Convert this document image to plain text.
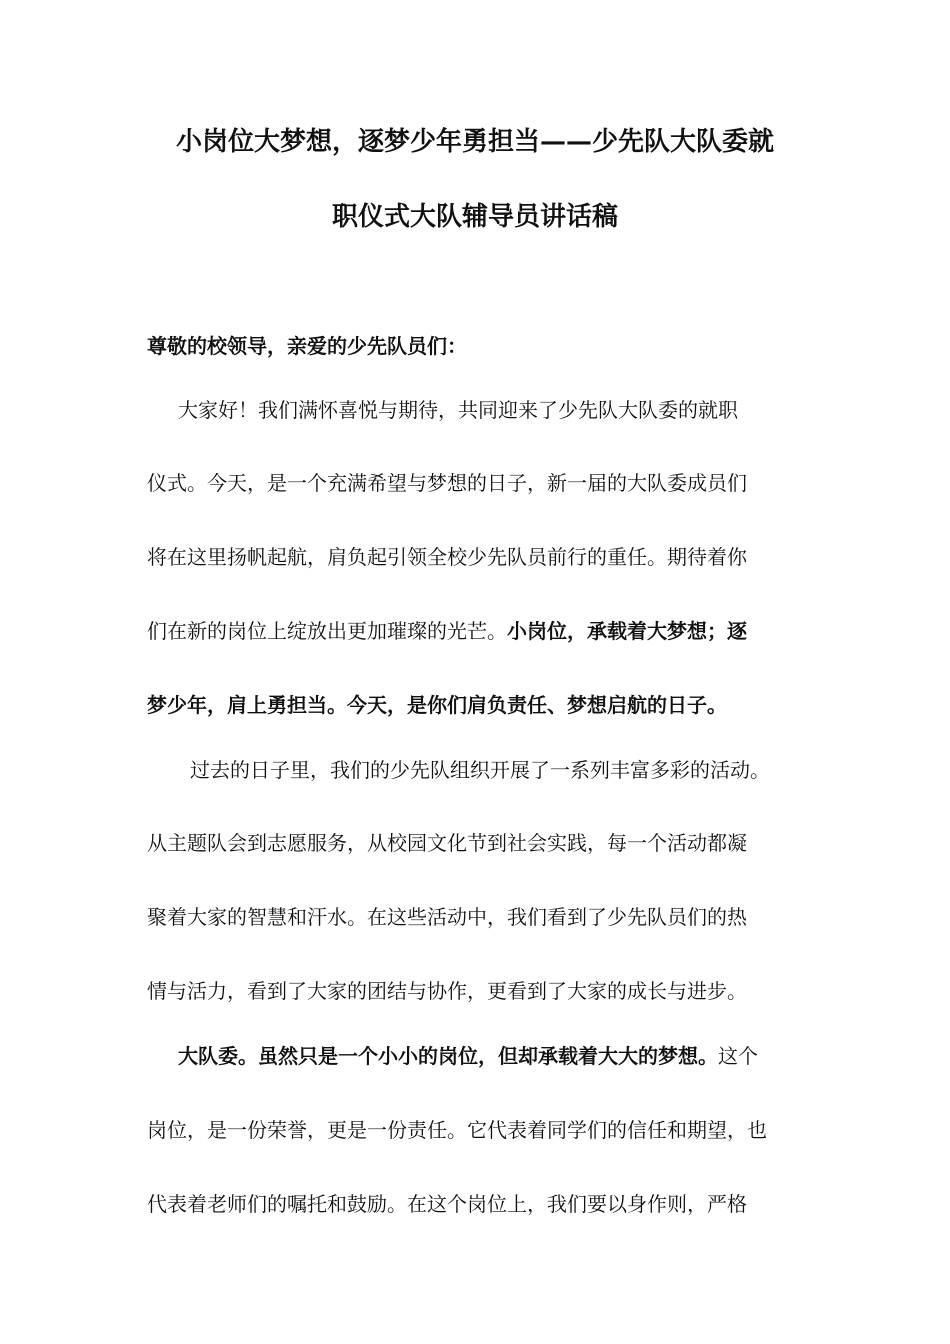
小岗位大梦想，逐梦少年勇担当——少先队大队委就
职仪式大队辅导员讲话稿
尊敬的校领导，亲爱的少先队员们：
大家好！我们满怀喜悦与期待，共同迎来了少先队大队委的就职
仪式。今天，是一个充满希望与梦想的日子，新一届的大队委成员们
将在这里扬帆起航，肩负起引领全校少先队员前行的重任。期待着你
们在新的岗位上绽放出更加璀璨的光芒。小岗位，承载着大梦想；逐
梦少年，肩上勇担当。今天，是你们肩负责任、梦想启航的日子。
过去的日子里，我们的少先队组织开展了一系列丰富多彩的活动。
从主题队会到志愿服务，从校园文化节到社会实践，每一个活动都凝
聚着大家的智慧和汗水。在这些活动中，我们看到了少先队员们的热
情与活力，看到了大家的团结与协作，更看到了大家的成长与进步。
大队委。虽然只是一个小小的岗位，但却承载着大大的梦想。这个
岗位，是一份荣誉，更是一份责任。它代表着同学们的信任和期望，也
代表着老师们的嘱托和鼓励。在这个岗位上，我们要以身作则，严格
